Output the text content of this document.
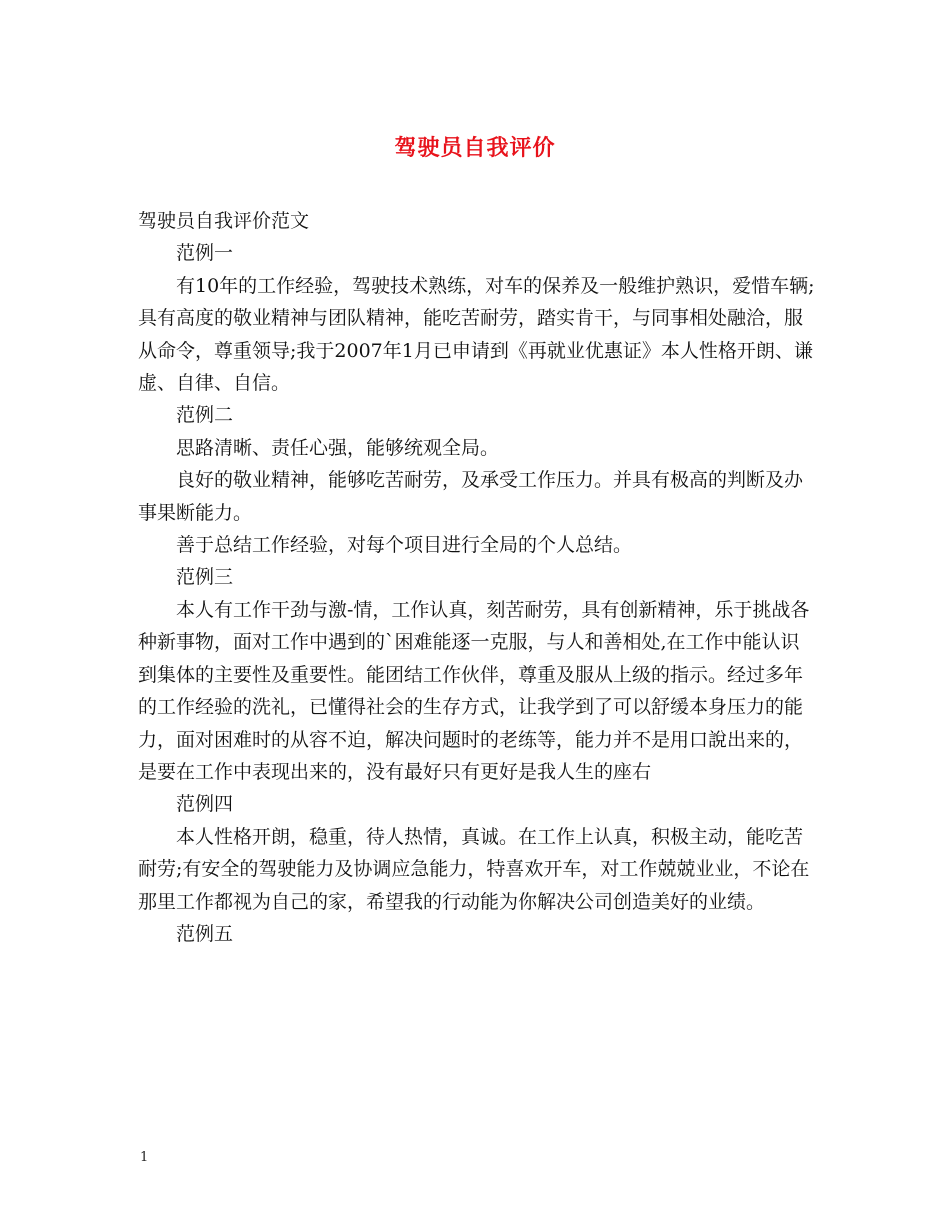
驾驶员自我评价

驾驶员自我评价范文

范例一

有10年的工作经验，驾驶技术熟练，对车的保养及一般维护熟识，爱惜车辆;具有高度的敬业精神与团队精神，能吃苦耐劳，踏实肯干，与同事相处融洽，服从命令，尊重领导;我于2007年1月已申请到《再就业优惠证》本人性格开朗、谦虚、自律、自信。

范例二

思路清晰、责任心强，能够统观全局。

良好的敬业精神，能够吃苦耐劳，及承受工作压力。并具有极高的判断及办事果断能力。

善于总结工作经验，对每个项目进行全局的个人总结。

范例三

本人有工作干劲与激-情，工作认真，刻苦耐劳，具有创新精神，乐于挑战各种新事物，面对工作中遇到的`困难能逐一克服，与人和善相处,在工作中能认识到集体的主要性及重要性。能团结工作伙伴，尊重及服从上级的指示。经过多年的工作经验的洗礼，已懂得社会的生存方式，让我学到了可以舒缓本身压力的能力，面对困难时的从容不迫，解决问题时的老练等，能力并不是用口說出来的，是要在工作中表现出来的，没有最好只有更好是我人生的座右

范例四

本人性格开朗，稳重，待人热情，真诚。在工作上认真，积极主动，能吃苦耐劳;有安全的驾驶能力及协调应急能力，特喜欢开车，对工作兢兢业业，不论在那里工作都视为自己的家，希望我的行动能为你解决公司创造美好的业绩。

范例五

1
